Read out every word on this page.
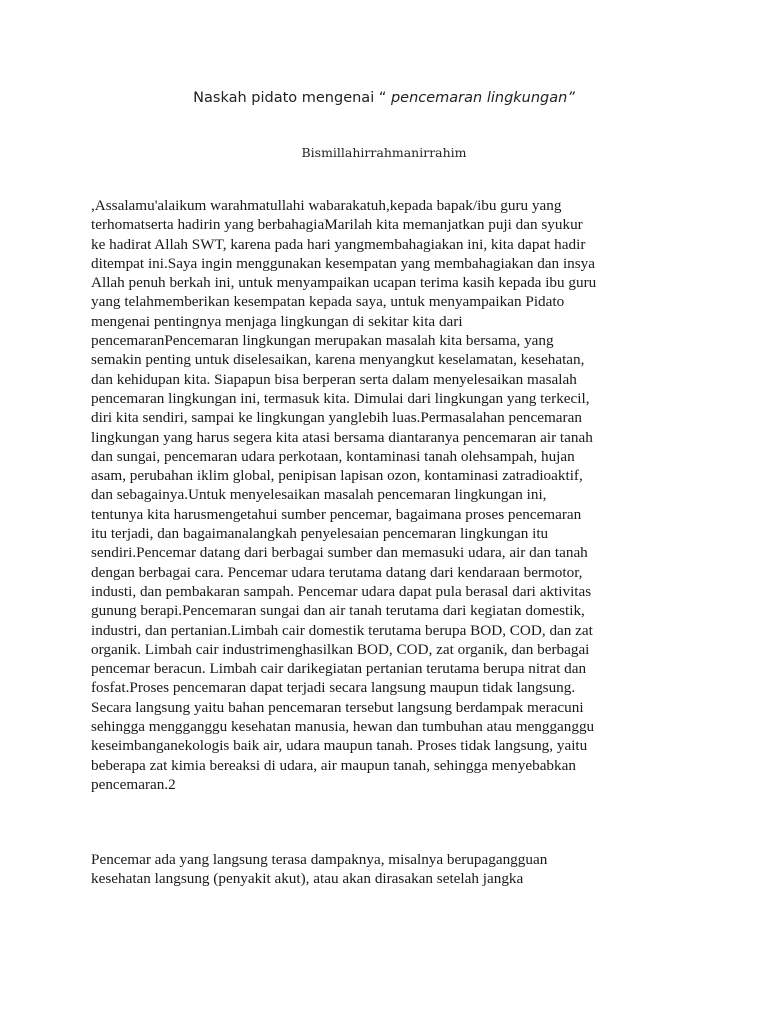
Naskah pidato mengenai “ pencemaran lingkungan”
Bismillahirrahmanirrahim
,Assalamu'alaikum warahmatullahi wabarakatuh,kepada bapak/ibu guru yang
terhomatserta hadirin yang berbahagiaMarilah kita memanjatkan puji dan syukur
ke hadirat Allah SWT, karena pada hari yangmembahagiakan ini, kita dapat hadir
ditempat ini.Saya ingin menggunakan kesempatan yang membahagiakan dan insya
Allah penuh berkah ini, untuk menyampaikan ucapan terima kasih kepada ibu guru
yang telahmemberikan kesempatan kepada saya, untuk menyampaikan Pidato
mengenai pentingnya menjaga lingkungan di sekitar kita dari
pencemaranPencemaran lingkungan merupakan masalah kita bersama, yang
semakin penting untuk diselesaikan, karena menyangkut keselamatan, kesehatan,
dan kehidupan kita. Siapapun bisa berperan serta dalam menyelesaikan masalah
pencemaran lingkungan ini, termasuk kita. Dimulai dari lingkungan yang terkecil,
diri kita sendiri, sampai ke lingkungan yanglebih luas.Permasalahan pencemaran
lingkungan yang harus segera kita atasi bersama diantaranya pencemaran air tanah
dan sungai, pencemaran udara perkotaan, kontaminasi tanah olehsampah, hujan
asam, perubahan iklim global, penipisan lapisan ozon, kontaminasi zatradioaktif,
dan sebagainya.Untuk menyelesaikan masalah pencemaran lingkungan ini,
tentunya kita harusmengetahui sumber pencemar, bagaimana proses pencemaran
itu terjadi, dan bagaimanalangkah penyelesaian pencemaran lingkungan itu
sendiri.Pencemar datang dari berbagai sumber dan memasuki udara, air dan tanah
dengan berbagai cara. Pencemar udara terutama datang dari kendaraan bermotor,
industi, dan pembakaran sampah. Pencemar udara dapat pula berasal dari aktivitas
gunung berapi.Pencemaran sungai dan air tanah terutama dari kegiatan domestik,
industri, dan pertanian.Limbah cair domestik terutama berupa BOD, COD, dan zat
organik. Limbah cair industrimenghasilkan BOD, COD, zat organik, dan berbagai
pencemar beracun. Limbah cair darikegiatan pertanian terutama berupa nitrat dan
fosfat.Proses pencemaran dapat terjadi secara langsung maupun tidak langsung.
Secara langsung yaitu bahan pencemaran tersebut langsung berdampak meracuni
sehingga mengganggu kesehatan manusia, hewan dan tumbuhan atau mengganggu
keseimbanganekologis baik air, udara maupun tanah. Proses tidak langsung, yaitu
beberapa zat kimia bereaksi di udara, air maupun tanah, sehingga menyebabkan
pencemaran.2
Pencemar ada yang langsung terasa dampaknya, misalnya berupagangguan
kesehatan langsung (penyakit akut), atau akan dirasakan setelah jangka
